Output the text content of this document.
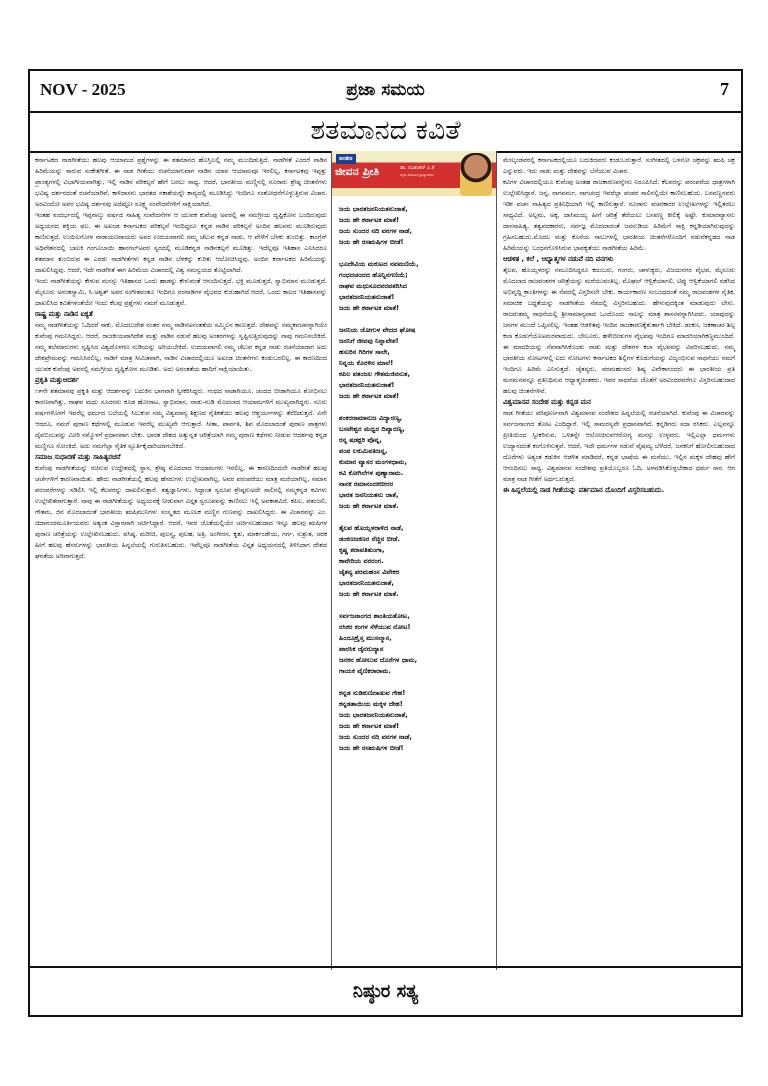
NOV - 2025	ಪ್ರಜಾ ಸಮಯ	7
ಶತಮಾನದ ಕವಿತೆ

ಕರ್ನಾಟಕದ ನಾಡಗೀತೆಯು ಹಲವು ಆಯಾಮದ ಪ್ರಶ್ನೆಗಳನ್ನು ಈ ಶತಮಾನದ ಹೊಸ್ತಿಲಲ್ಲಿ ನಮ್ಮ ಮುಂದಿಡುತ್ತಿದೆ. ನಾಡಗೀತೆ ಎಂದರೆ ನಾಡಿನ ಹಿರಿಮೆಯನ್ನು ಸಾರುವ ಸಂಕೇತಗೀತೆ. ಈ ನಾಡ ಗೀತೆಯು ರಚನೆಯಾಗುವಾಗ ನಾಡಿನ ಯಾವ ಆಯಾಮವೂ ಇರಲಿಲ್ಲ, ಕರ್ನಾಟಕವು ಇಪ್ಪತ್ತು ಪ್ರಾಂತ್ಯಗಳಲ್ಲಿ ವಿಭಾಗೀಯವಾಗಿತ್ತು, ಇಲ್ಲಿ ನಾಡಿನ ಪರಿಕಲ್ಪನೆ ಹೇಗೆ ಬರಲು ಸಾಧ್ಯ. ಆದರೆ, ಭಾರತೀಯ ಮಣ್ಣಿನಲ್ಲಿ ನೂರಾರು ಶ್ರೇಷ್ಠ ಚಿಂತನೆಗಳು ಭವಿಷ್ಯ ದರ್ಶನದಂತೆ ರಚನೆಯಾಗಿವೆ. ಕಾಳಿದಾಸನು ಭಾರತದ ನಕಾಶೆಯನ್ನೇ ಕಾವ್ಯದಲ್ಲಿ ಮೂಡಿಸಿದ್ದು ಇಂದಿಗೂ ಸಂಶೋಧನೆಗೊಳ್ಳುತ್ತಿರುವ ವಿಚಾರ. ಅರವಿಂದೋ ಅವರ ಭವಿಷ್ಯ ದರ್ಶನವು ಅದೆಷ್ಟೋ ಸೂಕ್ಷ್ಮ ಸಂವೇದನೆಗಳಿಗೆ ಸಾಕ್ಷಿಯಾಗಿದೆ.

ಇಂತಹ ಸಂದರ್ಭದಲ್ಲಿ ಇಪ್ಪನಾಲ್ಕು ವರ್ಷದ ಸಾಹಿತ್ಯ ಸಂವೇದನೆಗಳ ಆ ಯುವಕ ಕುವೆಂಪು ಅವರಲ್ಲಿ ಈ ಸಮಗ್ರೀಯ ದೃಷ್ಟಿಕೋನ ಬಂದಿರುವುದು ಅಧ್ಯಯನದ ಶಕ್ತಿಯ ಫಲ. ಈ ಅಖಂಡ ಕರ್ನಾಟಕದ ಪರಿಕಲ್ಪನೆ ಇರದಿದ್ದರೂ ಕನ್ನಡ ನಾಡಿನ ಪರಿಕಲ್ಪನೆ ಅಂದಿನ ಹಲವರು ಮೂಡಿರುವುದು ಕಾಣಿಸುತ್ತದೆ. ಉಯಿಲಗೋಳ ನಾರಾಯಣರಾಯರು ಅವರ ಉದಯವಾಗಲಿ ನಮ್ಮ ಚೆಲುವ ಕನ್ನಡ ನಾಡು, ಆ ವೇಳೆಗೆ ಬೆಳಕು ತುಂಬಿತ್ತು. ಕಾಂಗ್ರೆಸ್ ಅಧಿವೇಶನದಲ್ಲಿ ಬಾಲಕಿ ಗಂಗೂಬಾಯಿ ಹಾನಗಲ್‌ಅವರ ಸ್ವರದಲ್ಲಿ ಮೂಡಿಕನ್ನಡ ನಾಡಿನಕಲ್ಪನೆ ಮೂಡಿತ್ತು. ಇದೆಲ್ಲವೂ ಇತಿಹಾಸ ಎನಿಸಿದರೂ ಶತಮಾನ ತುಂಬಿರುವ ಈ ಎರಡು ನಾಡಗೀತೆಗಳು ಕನ್ನಡ ನಾಡಿನ ಬೆಳಕನ್ನು ಕುರಿತು ಆಲೋಚಿಸಿದ್ದವು. ಅಂದಿನ ಕರ್ನಾಟಕದ ಹಿರಿಮೆಯನ್ನು ದಾಖಲಿಸಿದ್ದವು. ಆದರೆ, ಇದೇ ನಾಡಗೀತೆ ಈಗ ಹಿರಿಮೆಯ ವಿಚಾರದಲ್ಲಿ ವಿಶ್ವ ಸಮನ್ವಯದ ತೊಟ್ಟಿಲಾಗಿದೆ.

ಇಂದು ನಾಡಗೀತೆಯನ್ನು ಕೇಳುವ ಮನಸ್ಸು ಇತಿಹಾಸದ ಒಂದು ಹಾಡನ್ನು ಕೇಳುವಂತೆ ಆನಂದಿಸುತ್ತದೆ. ಭಕ್ತಿ ಮೂಡುತ್ತದೆ, ಸ್ವಾಭಿಮಾನ ಮೂಡುತ್ತದೆ. ಮೈಸೂರು ಅನಂತಸ್ವಾಮಿ, ಸಿ.ಅಶ್ವತ್ ಅವರ ಸಂಗೀತವಂತೂ ಇಂದಿಗೂ ನರನಾಡಿಗಳ ವೈಭವದ ಕುರುಹಾಗಿದೆ.ಆದರೆ, ಒಂದು ಕಾಲದ ಇತಿಹಾಸವನ್ನು ದಾಖಲಿಸಿದ ಕವಿತೆಗಳಂತೆಯೇ ಇಂದು ಕೆಲವು ಪ್ರಶ್ನೆಗಳು ನಮಗೆ ಮೂಡುತ್ತವೆ.

ರಾಷ್ಟ್ರ ಮತ್ತು ನಾಡಿನ ಐಕ್ಯತೆ

ನಮ್ಮ ನಾಡಗೀತೆಯನ್ನು ಓದಿದರೆ ಸಾಕು, ಮೊದಲುದೇಶ ನಂತರ ನಮ್ಮ ನಾಡಿನಅನಂತತೆಯ ಸಮ್ಮಿಲನ ಕಾಣುತ್ತದೆ. ದೇಶವನ್ನು ನಮ್ಮಕವಚವನ್ನಾಗಿಯೇ ಕುವೆಂಪು ಗಮನಿಸಿದ್ದರು. ಆದರೆ, ರಾಜಕೀಯವಾಗಿದೇಶ ಮತ್ತು ನಾಡಿನ ನಡುವೆ ಹಲವು ಅಂತರಗಳನ್ನು ಸೃಷ್ಟಿಸುತ್ತಿರುವುದನ್ನು ನಾವು ಗಮನಿಸಬೇಕಿದೆ. ನಮ್ಮ ತಲೆಮಾರುಗಳು ಸೃಷ್ಟಿಸಿದ ವಿಶ್ವದೊಳಗಣ ನುಡಿಯನ್ನು ಅರಿಯಬೇಕಿದೆ. ಉದಯವಾಗಲಿ ನಮ್ಮ ಚೆಲುವ ಕನ್ನಡ ನಾಡು ರಚನೆಯಾದಾಗ ಅದು ದೇಶಪ್ರೇಮವನ್ನು ಗಮನಿಸಿರಲಿಲ್ಲ, ನಾಡಿಗೆ ಮಾತ್ರ ಸೀಮಿತವಾಗಿ, ನಾಡಿನ ವಿಚಾರದಲ್ಲಿಯೂ ಅಖಂಡ ಚಿಂತನೆಗಳು ಕಂಡುಬರಲಿಲ್ಲ. ಈ ಕಾರಣದಿಂದ ಯುವಕ ಕುವೆಂಪು ಅವರಲ್ಲಿ ಸಮಗ್ರೀಯ ದೃಷ್ಟಿಕೋನ ಮೂಡಿತು. ಅದು ಅನಂತತೆಯ ಹಾದಿಗೆ ಸಾಕ್ಷಿಯಾಯಿತು.

ಪ್ರಕೃತಿ ಮತ್ತುಆದರ್ಶ

೧೯ನೇ ಶತಮಾನವು ಪ್ರಕೃತಿ ಮತ್ತು ಆದರ್ಶವನ್ನು ಬದುಕಿನ ಭಾಗವಾಗಿ ಸ್ವೀಕರಿಸಿದ್ದರು. ಗಂಧದ ನಾಡಾಗಿಯೂ, ಚಂದದ ಬೀಡಾಗಿಯೂ ಶೋಭಿಸಲು ಕಾರಣವಾಗಿತ್ತು, ರಾಘವ ಮಧು ಸೂದನರು ಕೂಡ ಹೋರಾಟ, ಸ್ವಾಭಿಮಾನ, ನಾಡು-ನುಡಿ ಮೊದಲಾದ ಆಯಾಮಗಳಿಗೆ ಮುಖ್ಯವಾಗಿದ್ದರು. ನೂರು ವರ್ಷಗಳೊಳಗೆ ಇವರೆಲ್ಲ ಧರ್ಮದ ಬಲೆಯಲ್ಲಿ ಸಿಲುಕುವ ನಮ್ಮ ವಿಶ್ವಮಾನ್ಯ ಶಿಕ್ಷಣದ ನೈತಿಕತೆಯು ಹಲವು ಆಶ್ಚರ್ಯಗಳನ್ನು ತೆರೆದಿಡುತ್ತದೆ. ಏನೇ ಆದರೂ, ನಮಗೆ ಪುರಾಣ ಕಥೆಗಳಲ್ಲಿ ಮೂಡುವ ಇವರೆಲ್ಲ ಮುಖ್ಯವೇ ಆಗುತ್ತಾರೆ. ಸೀತಾ, ಪಾರ್ವತಿ, ಶಿವ ಮೊದಲಾದಂತೆ ಪುರಾಣ ಪಾತ್ರಗಳು ದೈವಬಿಂಬವನ್ನು ಮೀರಿ ನಮ್ಮೊಳಗೆ ಪ್ರಧಾನವಾಗ ಬೇಕು. ಭಾರತ ದೇಶದ ಅತ್ಯುನ್ನತ ಚರಿತ್ರೆಯಾಗಿ ನಮ್ಮ ಪುರಾಣ ಕಥೆಗಳು ನೀಡುವ ಆದರ್ಶವು ಕನ್ನಡ ಮಣ್ಣಿಗೂ ಸೋಂಕಿದೆ. ಅದು ನಮಗೆಲ್ಲಾ ನೈತಿಕ ಸ್ಫೂರ್ತಿಕೈದಾರಿಯಾಗಬೇಕಿದೆ.

ಸಮಾಜ ಸುಧಾರಣೆ ಮತ್ತು ಸಾಹಿತ್ಯರಚನೆ

ಕುವೆಂಪು ನಾಡಗೀತೆಯನ್ನು ರಚಿಸುವ ಉದ್ದೇಶದಲ್ಲಿ ಸ್ಥಾನ, ಶ್ರೇಷ್ಠ ಮೊದಲಾದ ಆಯಾಮಗಳು ಇರಲಿಲ್ಲ, ಈ ಕಾರಣದಿಂದಲೇ ನಾಡಗೀತೆ ಹಲವು ಚರ್ಚೆಗಳಿಗೆ ಕಾರಣವಾಯಿತು. ಹೌದು ನಾಡಗೀತೆಯಲ್ಲಿ ಹಲವು ಹೆಸರುಗಳು ಉಲ್ಲೇಖವಾಗಿಲ್ಲ, ಅವರ ಪರಂಪರೆಯು ಮಾತ್ರ ಮರೆಯಾಗಿಲ್ಲ, ಸಮಾನ ಪರಂಪರೆಗಳನ್ನು ಸಡಿಲಿಸಿ ಇಲ್ಲಿ ಕೆಲವರನ್ನು ದಾಖಲಿಸುತ್ತಾರೆ. ತತ್ವಜ್ಞಾನಿಗಳು, ಸಿದ್ಧಾಂತ ಸ್ವರೂಪ ಶ್ರೇಷ್ಠರುಅದೇ ಸಾಲಿನಲ್ಲಿ ನಮ್ಮಕನ್ನಡ ಕವಿಗಳು ಉಲ್ಲೇಖಿತರಾಗುತ್ತಾರೆ. ನಾವು ಈ ನಾಡಗೀತೆಯನ್ನು ಅಧ್ಯಯನಕ್ಕೆ ನೀಡುವಾಗ ವಿಸ್ತೃತ ಸ್ವರೂಪವನ್ನು ಕಾಣಿಸಲು ಇಲ್ಲಿ ಅವಕಾಶವಿದೆ. ಕಪಿಲ, ಪತಂಜಲಿ, ಗೌತಮ, ಜಿನ ಮೊದಲಾದಂತೆ ಭಾರತೀಯ ಋಷಿಮುನಿಗಳು ಸಂಸ್ಕೃತದ ಮೂಲಕ ಮಣ್ಣಿನ ಗುಣವನ್ನು ದಾಖಲಿಸಿದ್ದರು. ಈ ವಿಚಾರವನ್ನು ಎಂ. ಚಿದಾನಂದಮೂರ್ತಿಯವರು ಅತ್ಯಂತ ವಿಸ್ತಾರವಾಗಿ ಚರ್ಚಿಸಿದ್ದಾರೆ. ಆದರೆ, ಇವರ ಜೊತೆಯಲ್ಲಿಯೇ ಚರ್ಚಿಸಬಹುದಾದ ಇನ್ನೂ ಹಲವು ಋಷಿಗಳ ಪುರಾಣ ಚರಿತ್ರೆಯನ್ನು ಉಲ್ಲೇಖಿಸಬಹುದು. ವಸಿಷ್ಠ, ಮರೀಚಿ, ಪುಲಸ್ತ್ಯ, ಪುಲಹ, ಅತ್ರಿ, ಅಂಗೀರಸ, ಕೃತು, ಮಾರ್ಕಂಡೇಯ, ಗರ್ಗ, ಸುಶ್ರುತ, ಚರಕ ಹೀಗೆ ಹಲವು ಹೆಸರುಗಳನ್ನು ಭಾರತೀಯ ಹಿನ್ನಲೆಯಲ್ಲಿ ಗುರುತಿಸಬಹುದು. ಇವೆಲ್ಲವೂ ನಾಡಗೀತೆಯ ವಿಸ್ತೃತ ಅಧ್ಯಯನದಲ್ಲಿ ತಿಳಿಸಿದಾಗ ದೇಶದ ಘನತೆಯ ಅರಿವಾಗುತ್ತದೆ.

ಅಂಕಣ
ಜೀವನ ಪ್ರೀತಿ	ಡಾ. ರವಿಶಂಕರ್ ಎ.ಕೆ
ಕನ್ನಡ ಸಹಾಯಕ ಪ್ರಾಧ್ಯಾಪಕರು
ಜಯ ಭಾರತಜನನಿಯತನುಜಾತೆ,
ಜಯ ಹೇ ಕರ್ನಾಟಕ ಮಾತೆ!
ಜಯ ಸುಂದರ ನದಿ ವನಗಳ ನಾಡೆ,
ಜಯ ಹೇ ರಸಋಷಿಗಳ ಬೀಡೆ!
ಭೂದೇವಿಯ ಮಕುಟದ ನವಮಣಿಯೆ,
ಗಂಧದಚಂದದ ಹೊನ್ನಿನಗಣಿಯೆ;
ರಾಘವ ಮಧುಸೂದನರವತರಿಸಿದ
ಭಾರತಜನನಿಯತನುಜಾತೆ!
ಜಯ ಹೇ ಕರ್ನಾಟಕ ಮಾತೆ!
ಜನನಿಯ ಜೋಗುಳ ವೇದದ ಘೋಷ
ಜನನಿಗೆ ಜೀವವು ನಿನ್ನಾವೇಶ!
ಹಸುರಿನ ಗಿರಿಗಳ ಸಾಲೇ,
ನಿನ್ನಯ ಕೊರಳಿನ ಮಾಲೆ!
ಕಪಿಲ ಪತಂಜಲ ಗೌತಮಜಿನನುತ,
ಭಾರತಜನನಿಯತನುಜಾತೆ!
ಜಯ ಹೇ ಕರ್ನಾಟಕ ಮಾತೆ!
ಶಂಕರರಾಮಾನುಜ ವಿದ್ಯಾರಣ್ಯ,
ಬಸವೇಶ್ವರ ಮಧ್ವರ ದಿವ್ಯಾರಣ್ಯ,
ರನ್ನ ಷಡಕ್ಷರಿ ಪೊನ್ನ,
ಪಂಪ ಲಕುಮಿಪತಿಜನ್ನ,
ಕುಮಾರ ವ್ಯಾಸರ ಮಂಗಳಧಾಮ,
ಕವಿ ಕೋಗಿಲೆಗಳ ಪುಣ್ಯಾರಾಮ.
ನಾನಕ ರಮಾನಂದಕಬೀರರ
ಭಾರತ ಜನನಿಯತನು ಜಾತೆ,
ಜಯ ಹೇ ಕರ್ನಾಟಕ ಮಾತೆ.
ತೈಲಪ ಹೊಯ್ಸಳರಾಳಿದ ನಾಡೆ,
ಡಂಕಣಜಕಣರ ನೆಚ್ಚಿನ ಬೀಡೆ.
ಕೃಷ್ಣ ಶರಾವತಿತುಂಗಾ,
ಕಾವೇರಿಯ ವರರಂಗ.
ಚೈತನ್ಯ ಪರಮಹಂಸ ವಿವೇಕರ
ಭಾರತಜನನಿಯತನುಜಾತೆ,
ಜಯ ಹೇ ಕರ್ನಾಟಕ ಮಾತೆ.
ಸರ್ವಜನಾಂಗದ ಶಾಂತಿಯತೋಟ,
ರಸಿಕರ ಕಂಗಳ ಸೆಳೆಯುವ ನೋಟ!
ಹಿಂದೂಕ್ರೈಸ್ತ ಮುಸಲ್ಮಾನ,
ಪಾರಸಿಕ ಜೈನರುದ್ಯಾನ
ಜನಕನ ಹೋಲುವ ದೊರೆಗಳ ಧಾಮ,
ಗಾಯಕ ವೈಣಿಕರಾರಾಮ.
ಕನ್ನಡ ನುಡಿಕುಣಿದಾಡುವ ಗೇಹ!
ಕನ್ನಡತಾಯಿಯ ಮಕ್ಕಳ ದೇಹ!
ಜಯ ಭಾರತಜನನಿಯತನುಜಾತೆ,
ಜಯ ಹೇ ಕರ್ನಾಟಕ ಮಾತೆ!
ಜಯ ಸುಂದರ ನದಿ ವನಗಳ ನಾಡೆ,
ಜಯ ಹೇ ರಸಋಷಿಗಳ ಬೀಡೆ!

ಮೇಲ್ಕಂಡವರಲ್ಲಿ ಕರ್ನಾಟಕದಲ್ಲಿಯೂ ಬದುಕಿದವರು ಕಂಡುಬರುತ್ತಾರೆ. ಸಂಗೀತದಲ್ಲಿ ಬಳಸೋ ಚಕ್ರವನ್ನು ಋಷಿ ಚಕ್ರ ಎನ್ನುವರು. ಇದು ನಾಡು ಮತ್ತು ದೇಶವನ್ನು ಬೆಸೆಯುವ ವಿಚಾರ.

ಕವಿಗಳ ವಿಚಾರದಲ್ಲಿಯೂ ಕುವೆಂಪು ಅಂತಹ ರಾಜಕಾರಣವನ್ನೇನು ನಿರೂಪಿಸಿದೆ. ಕೆಲವರನ್ನು ಪರಂಪರೆಯ ಧಾತ್ರಗಳಾಗಿ ಉಲ್ಲೇಖಿಸಿದ್ದಾರೆ. ಜನ್ನ, ನಾಗವರ್ಮ, ನಾಗಚಂದ್ರ ಇವರೆಲ್ಲಾ ಪಂಪರ ಸಾಲಿನಲ್ಲಿಯೇ ಕಾಣಿಸಬಹುದು. ಬಸವಣ್ಣನವರು ಇಡೀ ವಚನ ಸಾಹಿತ್ಯದ ಪ್ರತಿನಿಧಿಯಾಗಿ ಇಲ್ಲಿ ಕಾಣಿಸುತ್ತಾರೆ. ನೂರಾರು ವಚನಕಾರರ ಉಲ್ಲೇಖಗಳನ್ನು ಇಲ್ಲಿತರಲು ಸಾಧ್ಯವಿದೆ. ಅಲ್ಲಮ, ಅಕ್ಕ, ದಾಸಿಮಯ್ಯ ಹೀಗೆ ಚರಿತ್ರೆ ತೆರೆಯಲು ಬಸವಣ್ಣ ಕೀಲಿಕೈ ಅಷ್ಟೇ. ಕುಮಾರವ್ಯಾಸನು ದಾಸಸಾಹಿತ್ಯ, ತತ್ವಪದಕಾರರು, ಸರ್ವಜ್ಞ ಮೊದಲಾದಂತೆ ಜನನುಡಿಯ ಹಿರಿಮೆಗೆ ಸಾಕ್ಷಿ ಕನ್ನಡಿಯಾಗಿರುವುದನ್ನು ಗ್ರಹಿಸಬಹುದು.ಮೊದಲ ಮತ್ತು ಕೊನೆಯ ಸಾಲುಗಳಲ್ಲಿ ಭಾರತೀಯ ಚಿಂತನೆಗಳೊಂದಿಗೆ ನಡುವೆಕನ್ನಡದ ನಾಡ ಹಿರಿಮೆಯನ್ನು ಬಂಧನಗೊಳಿಸಿರುವ ಭಾವಕ್ಯತೆಯು ನಾಡಗೀತೆಯ ಹಿರಿಮೆ.

ಆಡಳಿತ , ಕಲೆ , ಆಧ್ಯಾತ್ಮಗಳ ನಡುವೆ ನದಿ ವನಗಳು

ತೈಲಪ, ಹೊಯ್ಸಳರನ್ನು ನಮೂದಿಸಿದ್ದರೂ ಕದಂಬರು, ಗಂಗರು, ಚಾಳುಕ್ಯರು, ವಿಜಯನಗರ ವೈಭವ, ಮೈಸೂರು ಮೊದಲಾದ ರಾಜವಂಶಗಳ ಚರಿತ್ರೆಯನ್ನು ಮರೆಯುವಂತಿಲ್ಲ. ಮೊಘಲ್ ಆಳ್ವಿಕೆಯಾಗಲಿ, ಟಿಪ್ಪು ಆಳ್ವಿಕೆಯಾಗಲಿ ನಡೆಸಿದ ಅಭಿವೃದ್ಧಿ ಕ್ರಾಂತಿಗಳನ್ನು ಈ ನೆಪದಲ್ಲಿ ವಿಸ್ತರಿಸಲೇ ಬೇಕು. ಕಾರ್ಯಕಾರಣ ಸಂಬಂಧದಂತೆ ನಮ್ಮ ರಾಜವಂಶಗಳ ನೈತಿಕ, ಸಮಾಜಿಕ ಬದ್ಧತೆಯನ್ನು ನಾಡಗೀತೆಯ ನೆಪದಲ್ಲಿ ವಿಸ್ತರಿಸಬಹುದು. ಹೇಳುವುದಕ್ಕಿಂತ ಮಾಡುವುದು ಲೇಸು. ರಾಜರುತಮ್ಮ ಸಾಧನೆಯಲ್ಲಿ ಶ್ರೀಸಾಮಾನ್ಯವಾದ ಒಂದೊಂದು ಸಾಲನ್ನು ಮಾತ್ರ ಶಾಸನವನ್ನಾಗಿಸಿದರು. ಯಾವುದನ್ನು ಜನಗಳ ಮುಂದೆ ಒಪ್ಪಿಸಲಿಲ್ಲ. ಇಂತಹ ಆಡಳಿತವು ಇಂದಿನ ರಾಜಕಾರಣಕ್ಕೆತುರ್ತಾಗಿ ಬೇಕಿದೆ. ಡಂಕಣ, ಜಕಣಾಚರ ಶಿಲ್ಪ ಕಲಾ ಕೊಡುಗೆಯೊಅಮರವಾದುದು. ಬೇಲೂರು, ಹಳೇಬೀಡುಗಳ ವೈಭವವು ಇಂದಿಗೂ ಮಾದರಿಯಾಗಿಕಣ್ಣಮುಂದಿದೆ. ಈ ಮಾದರಿಯನ್ನು ನೆಪವಾಗಿಸಿಕೊಂಡು ನಾಡು ಮತ್ತು ದೇಶಗಳ ಕಲಾ ವೈಭವವನ್ನು ವಿವರಿಸಬಹುದು. ನಮ್ಮ ಭಾರತೀಯ ನೋಟಗಳಲ್ಲಿ ಐದು ನೋಟಗಳು ಕರ್ನಾಟಕದ ಶಿಲ್ಪಿಗಳ ಕೊಡುಗೆಯನ್ನು ವಿಜೃಂಭಿಸುವ ಸಾಧನೆಯು ನಮಗೆ ಇಂದಿಗೂ ಹಿರಿಮೆ ಎನಿಸುತ್ತದೆ. ಚೈತನ್ಯರು, ಪರಮಹಂಸರು ಶಿಷ್ಯ ವಿವೇಕಾನಂದರು ಈ ಭಾರತೀಯ ಪ್ರತಿ ಮನಮನವನ್ನೂ ಪ್ರತಿನಿಧಿಸುವ ಆಧ್ಯಾತ್ಮಚಿಂತಕರು. ಇವರ ಸಾಧನೆಯ ಜೊತೆಗೆ ಅರವಿಂದರವರೆಗೂ ವಿಸ್ತರಿಸಬಹುದಾದ ಹಲವು ಚಿಂತನೆಗಳಿವೆ.

ವಿಶ್ವಮಾನವ ಸಂದೇಶ ಮತ್ತು ಕನ್ನಡ ಮನ

ನಾಡ ಗೀತೆಯು ಪರಿಪೂರ್ಣವಾಗಿ ವಿಶ್ವಮಾನವ ಸಂದೇಶದ ಹಿನ್ನಲೆಯಲ್ಲಿ ರಚನೆಯಾಗಿದೆ. ಕುವೆಂಪು ಈ ವಿಚಾರವನ್ನು ಸರ್ವಜನಾಂಗದ ತೋಟ ಎಂದಿದ್ದಾರೆ. ಇಲ್ಲಿ ಸಾಮರಸ್ಯವೇ ಪ್ರಧಾನವಾಗಿದೆ. ಕನ್ನಡಿಗರು ಸದಾ ರಸಿಕರು. ಎಲ್ಲವನ್ನೂ ಪ್ರೀತಿಯಿಂದ ಸ್ವೀಕರಿಸುವ, ಒಳಿತನ್ನೇ ಆಲೋಚಿಸುವಆರೋಗ್ಯ ಮನಸ್ಸು ಉಳ್ಳವರು. ಇಲ್ಲಿಎಲ್ಲಾ ಧರ್ಮಗಳು ಉದ್ಯಾನದಂತೆ ಕಂಗೊಳಿಸುತ್ತವೆ. ಆದರೆ, ಇದೇ ಧರ್ಮಗಳ ನಡುವೆ ವೈಷಮ್ಯ ಬೆಳೆದರೆ, ಜನಕನಿಗೆ ಹೋಲಿಸಬಹುದಾದ ದೊರೆಗಳು ಅತ್ಯಂತ ಕಡುಕಿನ ಆಡಳಿತ ಮಾಡಿದರೆ, ಕನ್ನಡ ಭಾಷೆಯ ಈ ಮನೆಯು, ಇಲ್ಲಿನ ಮಕ್ಕಳ ದೇಹವು ಹೇಗೆ ಆನಂದಿಸಲು ಸಾಧ್ಯ. ವಿಶ್ವಮಾನವ ಸಂದೇಶವು ಪ್ರತಿಯೊಬ್ಬರೂ ಓದಿ, ಅಳವಡಿಸಿಕೊಳ್ಳಬೇಕಾದ ಧರ್ಮ ಸಾರ. ಆಗ ಮಾತ್ರ ನಾಡ ಗೀತೆಗೆ ಅರ್ಥಬರುತ್ತದೆ.

ಈ ಹಿನ್ನಲೆಯಲ್ಲಿ ನಾಡ ಗೀತೆಯನ್ನು ವರ್ತಮಾನ ದೊಂದಿಗೆ ವಿಸ್ತರಿಸಬಹುದು.
ನಿಷ್ಠುರ ಸತ್ಯ
